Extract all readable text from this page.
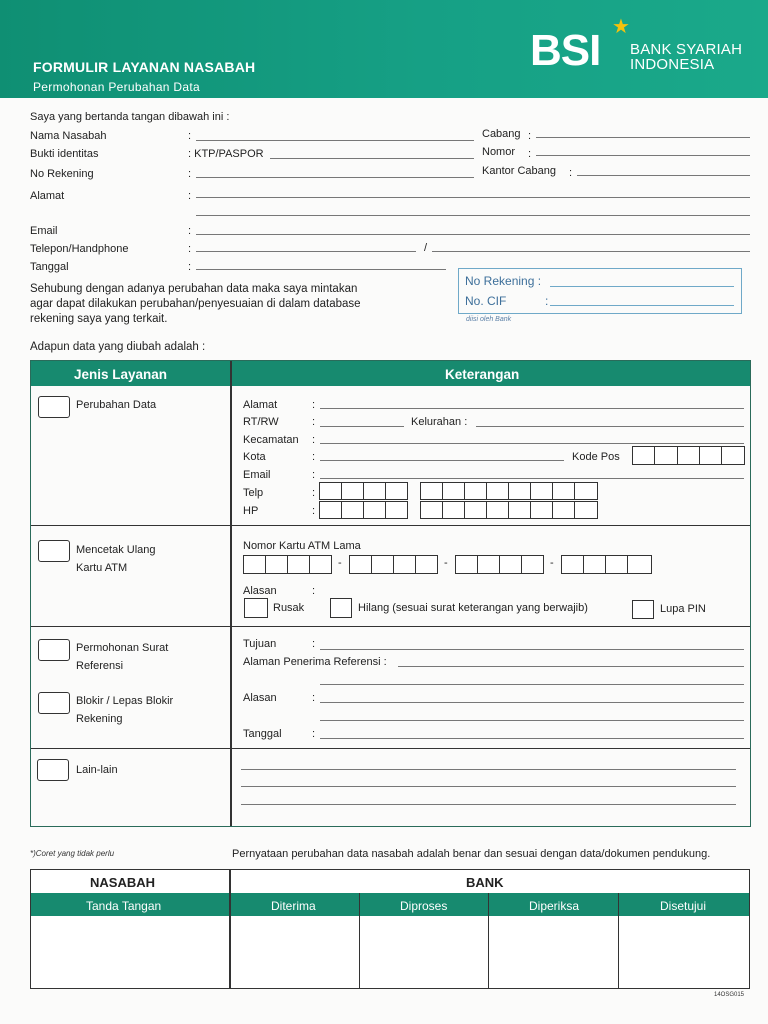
FORMULIR LAYANAN NASABAH
Permohonan Perubahan Data
BSI ★
BANK SYARIAH
INDONESIA
Saya yang bertanda tangan dibawah ini :
Nama Nasabah	:	Cabang :
Bukti identitas	: KTP/PASPOR	Nomor :
No Rekening	:	Kantor Cabang :
Alamat	:
Email	:
Telepon/Handphone	:	/
Tanggal	:
Sehubung dengan adanya perubahan data maka saya mintakan
agar dapat dilakukan perubahan/penyesuaian di dalam database
rekening saya yang terkait.
No Rekening :
No. CIF	:
diisi oleh Bank
Adapun data yang diubah adalah :
Jenis Layanan	Keterangan
Perubahan Data	Alamat	:
RT/RW	:	Kelurahan :
Kecamatan :
Kota	:	Kode Pos
Email	:
Telp	:
HP	:
Mencetak Ulang
Kartu ATM
Nomor Kartu ATM Lama
-	-	-
Alasan	:
Rusak	Hilang (sesuai surat keterangan yang berwajib)	Lupa PIN
Permohonan Surat
Referensi
Blokir / Lepas Blokir
Rekening
Tujuan	:
Alaman Penerima Referensi :
Alasan	:
Tanggal	:
Lain-lain
*)Coret yang tidak perlu	Pernyataan perubahan data nasabah adalah benar dan sesuai dengan data/dokumen pendukung.
NASABAH	BANK
Tanda Tangan	Diterima	Diproses	Diperiksa	Disetujui
14OSG015
